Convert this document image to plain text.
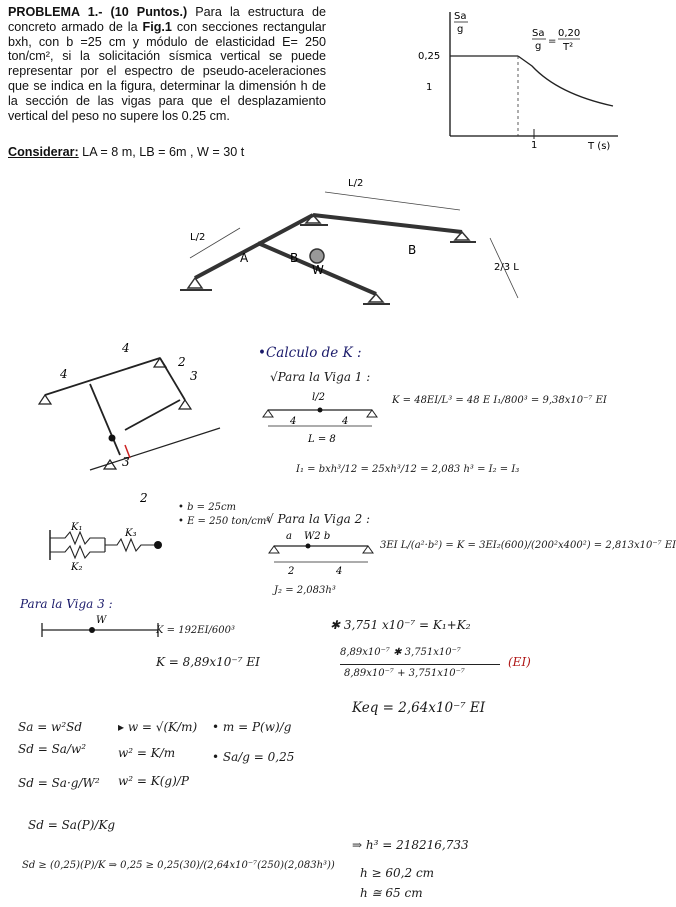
PROBLEMA 1.- (10 Puntos.) Para la estructura de concreto armado de la Fig.1 con secciones rectangular bxh, con b =25 cm y módulo de elasticidad E= 250 ton/cm², si la solicitación sísmica vertical se puede representar por el espectro de pseudo-aceleraciones que se indica en la figura, determinar la dimensión h de la sección de las vigas para que el desplazamiento vertical del peso no supere los 0.25 cm.
Considerar: LA = 8 m, LB = 6m , W = 30 t
Sa
g	Sa
g =
0,20
T²
0,25
1
1	T (s)
L/2
L/2
2/3 L
A	B
W
B
4
4
3
2
3
2
K₁
K₂
K₃
•Calculo de K :
√Para la Viga 1 :
l/2
4	4
L = 8
K = 48EI/L³ = 48 E I₁/800³ = 9,38x10⁻⁷ EI
I₁ = bxh³/12 = 25xh³/12 = 2,083 h³ = I₂ = I₃
• b = 25cm
• E = 250 ton/cm²
√ Para la Viga 2 :
a W2 b
2	4
3EI L/(a²·b²) = K = 3EI₂(600)/(200²x400²) = 2,813x10⁻⁷ EI
J₂ = 2,083h³
Para la Viga 3 :
W
K = 192EI/600³
K = 8,89x10⁻⁷ EI
✱ 3,751 x10⁻⁷ = K₁+K₂
8,89x10⁻⁷ ✱ 3,751x10⁻⁷
8,89x10⁻⁷ + 3,751x10⁻⁷
(EI)
Keq = 2,64x10⁻⁷ EI
Sa = w²Sd
Sd = Sa/w²
Sd = Sa·g/W²
▸ w = √(K/m)
w² = K/m
w² = K(g)/P
• m = P(w)/g
• Sa/g = 0,25
Sd = Sa(P)/Kg
Sd ≥ (0,25)(P)/K ⇒ 0,25 ≥ 0,25(30)/(2,64x10⁻⁷(250)(2,083h³))
⇒ h³ = 218216,733
h ≥ 60,2 cm
h ≅ 65 cm
